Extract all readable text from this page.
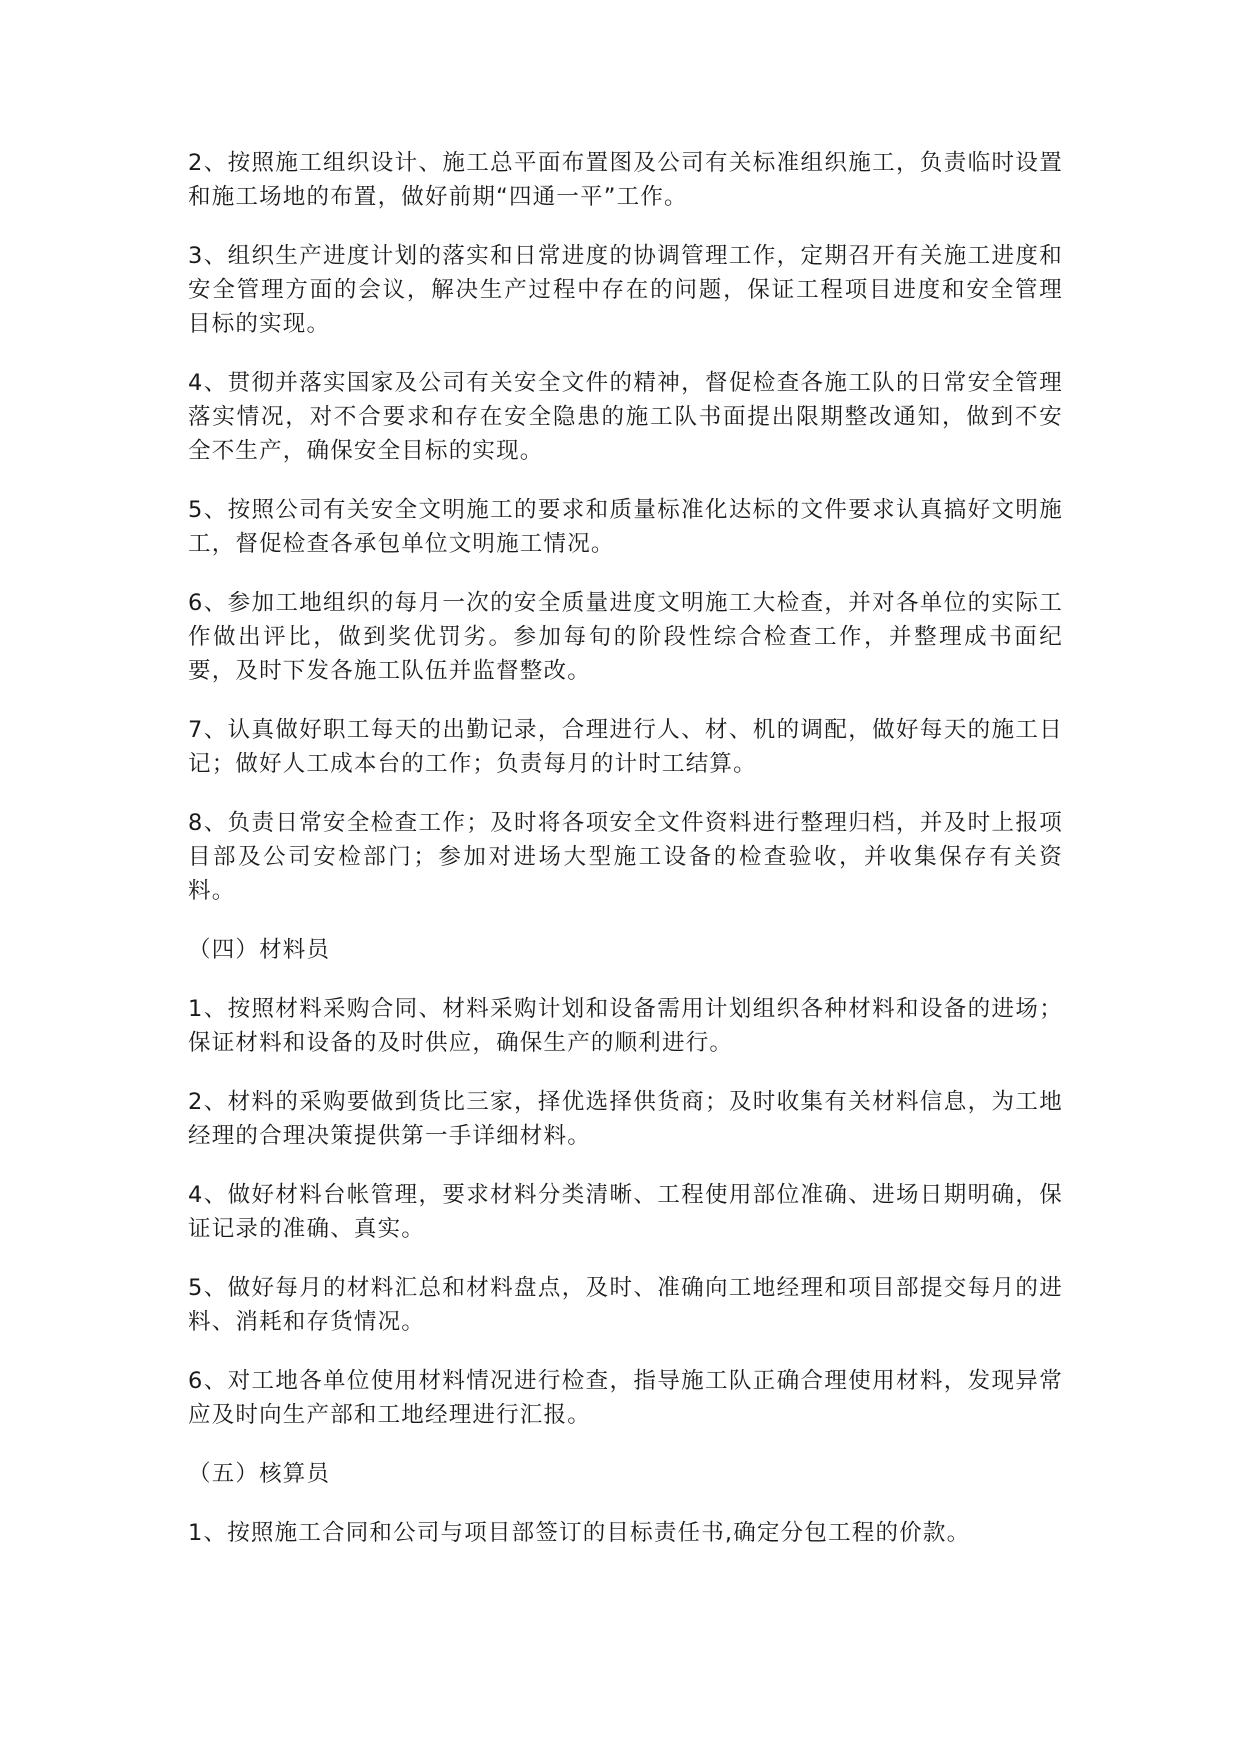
2、按照施工组织设计、施工总平面布置图及公司有关标准组织施工，负责临时设置和施工场地的布置，做好前期“四通一平”工作。

3、组织生产进度计划的落实和日常进度的协调管理工作，定期召开有关施工进度和安全管理方面的会议，解决生产过程中存在的问题，保证工程项目进度和安全管理目标的实现。

4、贯彻并落实国家及公司有关安全文件的精神，督促检查各施工队的日常安全管理落实情况，对不合要求和存在安全隐患的施工队书面提出限期整改通知，做到不安全不生产，确保安全目标的实现。

5、按照公司有关安全文明施工的要求和质量标准化达标的文件要求认真搞好文明施工，督促检查各承包单位文明施工情况。

6、参加工地组织的每月一次的安全质量进度文明施工大检查，并对各单位的实际工作做出评比，做到奖优罚劣。参加每旬的阶段性综合检查工作，并整理成书面纪要，及时下发各施工队伍并监督整改。

7、认真做好职工每天的出勤记录，合理进行人、材、机的调配，做好每天的施工日记；做好人工成本台的工作；负责每月的计时工结算。

8、负责日常安全检查工作；及时将各项安全文件资料进行整理归档，并及时上报项目部及公司安检部门；参加对进场大型施工设备的检查验收，并收集保存有关资料。

（四）材料员

1、按照材料采购合同、材料采购计划和设备需用计划组织各种材料和设备的进场；保证材料和设备的及时供应，确保生产的顺利进行。

2、材料的采购要做到货比三家，择优选择供货商；及时收集有关材料信息，为工地经理的合理决策提供第一手详细材料。

4、做好材料台帐管理，要求材料分类清晰、工程使用部位准确、进场日期明确，保证记录的准确、真实。

5、做好每月的材料汇总和材料盘点，及时、准确向工地经理和项目部提交每月的进料、消耗和存货情况。

6、对工地各单位使用材料情况进行检查，指导施工队正确合理使用材料，发现异常应及时向生产部和工地经理进行汇报。

（五）核算员

1、按照施工合同和公司与项目部签订的目标责任书,确定分包工程的价款。
